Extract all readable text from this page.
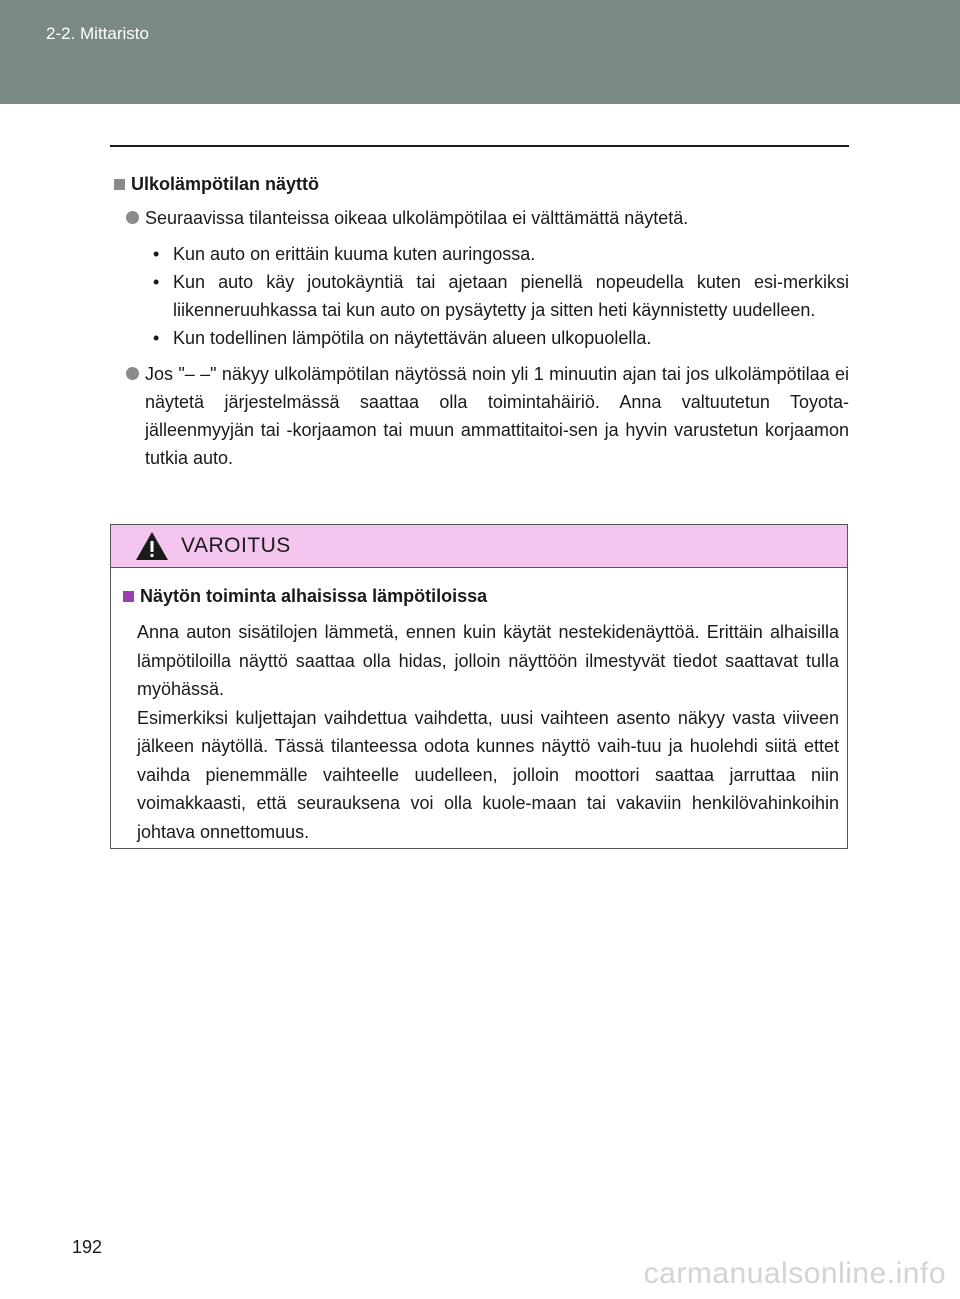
2-2. Mittaristo
Ulkolämpötilan näyttö
Seuraavissa tilanteissa oikeaa ulkolämpötilaa ei välttämättä näytetä.
• Kun auto on erittäin kuuma kuten auringossa.
• Kun auto käy joutokäyntiä tai ajetaan pienellä nopeudella kuten esi-merkiksi liikenneruuhkassa tai kun auto on pysäytetty ja sitten heti käynnistetty uudelleen.
• Kun todellinen lämpötila on näytettävän alueen ulkopuolella.
Jos "– –" näkyy ulkolämpötilan näytössä noin yli 1 minuutin ajan tai jos ulkolämpötilaa ei näytetä järjestelmässä saattaa olla toimintahäiriö. Anna valtuutetun Toyota-jälleenmyyjän tai -korjaamon tai muun ammattitaitoi-sen ja hyvin varustetun korjaamon tutkia auto.
VAROITUS
Näytön toiminta alhaisissa lämpötiloissa
Anna auton sisätilojen lämmetä, ennen kuin käytät nestekidenäyttöä. Erittäin alhaisilla lämpötiloilla näyttö saattaa olla hidas, jolloin näyttöön ilmestyvät tiedot saattavat tulla myöhässä.
Esimerkiksi kuljettajan vaihdettua vaihdetta, uusi vaihteen asento näkyy vasta viiveen jälkeen näytöllä. Tässä tilanteessa odota kunnes näyttö vaih-tuu ja huolehdi siitä ettet vaihda pienemmälle vaihteelle uudelleen, jolloin moottori saattaa jarruttaa niin voimakkaasti, että seurauksena voi olla kuole-maan tai vakaviin henkilövahinkoihin johtava onnettomuus.
192
carmanualsonline.info
